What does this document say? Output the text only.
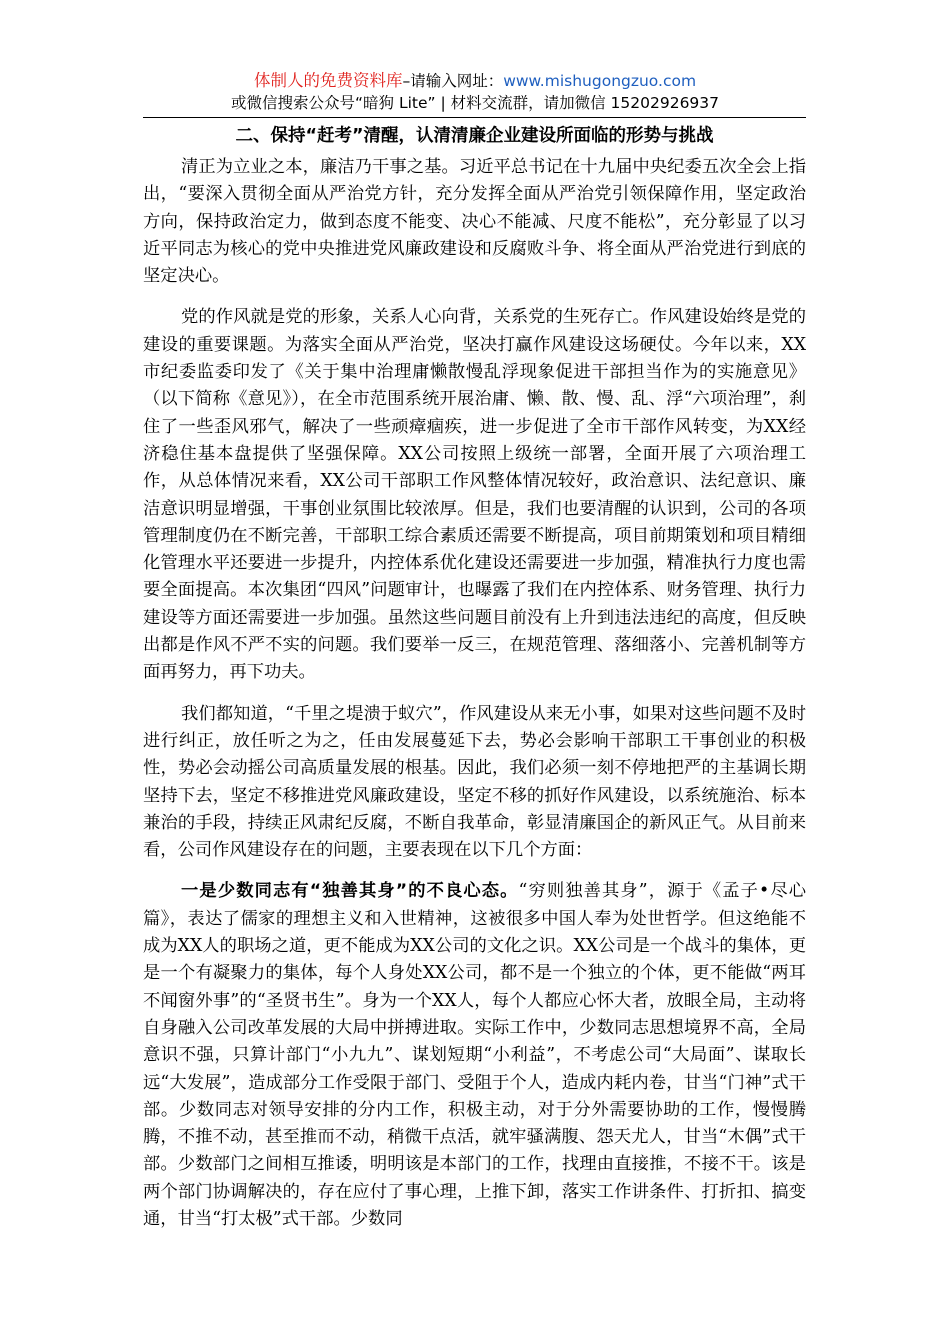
体制人的免费资料库–请输入网址：www.mishugongzuo.com
或微信搜索公众号“暗狗 Lite” | 材料交流群，请加微信 15202926937
二、保持“赶考”清醒，认清清廉企业建设所面临的形势与挑战

清正为立业之本，廉洁乃干事之基。习近平总书记在十九届中央纪委五次全会上指出，“要深入贯彻全面从严治党方针，充分发挥全面从严治党引领保障作用，坚定政治方向，保持政治定力，做到态度不能变、决心不能减、尺度不能松”，充分彰显了以习近平同志为核心的党中央推进党风廉政建设和反腐败斗争、将全面从严治党进行到底的坚定决心。

党的作风就是党的形象，关系人心向背，关系党的生死存亡。作风建设始终是党的建设的重要课题。为落实全面从严治党，坚决打赢作风建设这场硬仗。今年以来，XX市纪委监委印发了《关于集中治理庸懒散慢乱浮现象促进干部担当作为的实施意见》（以下简称《意见》），在全市范围系统开展治庸、懒、散、慢、乱、浮“六项治理”，刹住了一些歪风邪气，解决了一些顽瘴痼疾，进一步促进了全市干部作风转变，为XX经济稳住基本盘提供了坚强保障。XX公司按照上级统一部署，全面开展了六项治理工作，从总体情况来看，XX公司干部职工作风整体情况较好，政治意识、法纪意识、廉洁意识明显增强，干事创业氛围比较浓厚。但是，我们也要清醒的认识到，公司的各项管理制度仍在不断完善，干部职工综合素质还需要不断提高，项目前期策划和项目精细化管理水平还要进一步提升，内控体系优化建设还需要进一步加强，精准执行力度也需要全面提高。本次集团“四风”问题审计，也曝露了我们在内控体系、财务管理、执行力建设等方面还需要进一步加强。虽然这些问题目前没有上升到违法违纪的高度，但反映出都是作风不严不实的问题。我们要举一反三，在规范管理、落细落小、完善机制等方面再努力，再下功夫。

我们都知道，“千里之堤溃于蚁穴”，作风建设从来无小事，如果对这些问题不及时进行纠正，放任听之为之，任由发展蔓延下去，势必会影响干部职工干事创业的积极性，势必会动摇公司高质量发展的根基。因此，我们必须一刻不停地把严的主基调长期坚持下去，坚定不移推进党风廉政建设，坚定不移的抓好作风建设，以系统施治、标本兼治的手段，持续正风肃纪反腐，不断自我革命，彰显清廉国企的新风正气。从目前来看，公司作风建设存在的问题，主要表现在以下几个方面：

一是少数同志有“独善其身”的不良心态。“穷则独善其身”，源于《孟子•尽心篇》，表达了儒家的理想主义和入世精神，这被很多中国人奉为处世哲学。但这绝能不成为XX人的职场之道，更不能成为XX公司的文化之识。XX公司是一个战斗的集体，更是一个有凝聚力的集体，每个人身处XX公司，都不是一个独立的个体，更不能做“两耳不闻窗外事”的“圣贤书生”。身为一个XX人，每个人都应心怀大者，放眼全局，主动将自身融入公司改革发展的大局中拼搏进取。实际工作中，少数同志思想境界不高，全局意识不强，只算计部门“小九九”、谋划短期“小利益”，不考虑公司“大局面”、谋取长远“大发展”，造成部分工作受限于部门、受阻于个人，造成内耗内卷，甘当“门神”式干部。少数同志对领导安排的分内工作，积极主动，对于分外需要协助的工作，慢慢腾腾，不推不动，甚至推而不动，稍微干点活，就牢骚满腹、怨天尤人，甘当“木偶”式干部。少数部门之间相互推诿，明明该是本部门的工作，找理由直接推，不接不干。该是两个部门协调解决的，存在应付了事心理，上推下卸，落实工作讲条件、打折扣、搞变通，甘当“打太极”式干部。少数同
